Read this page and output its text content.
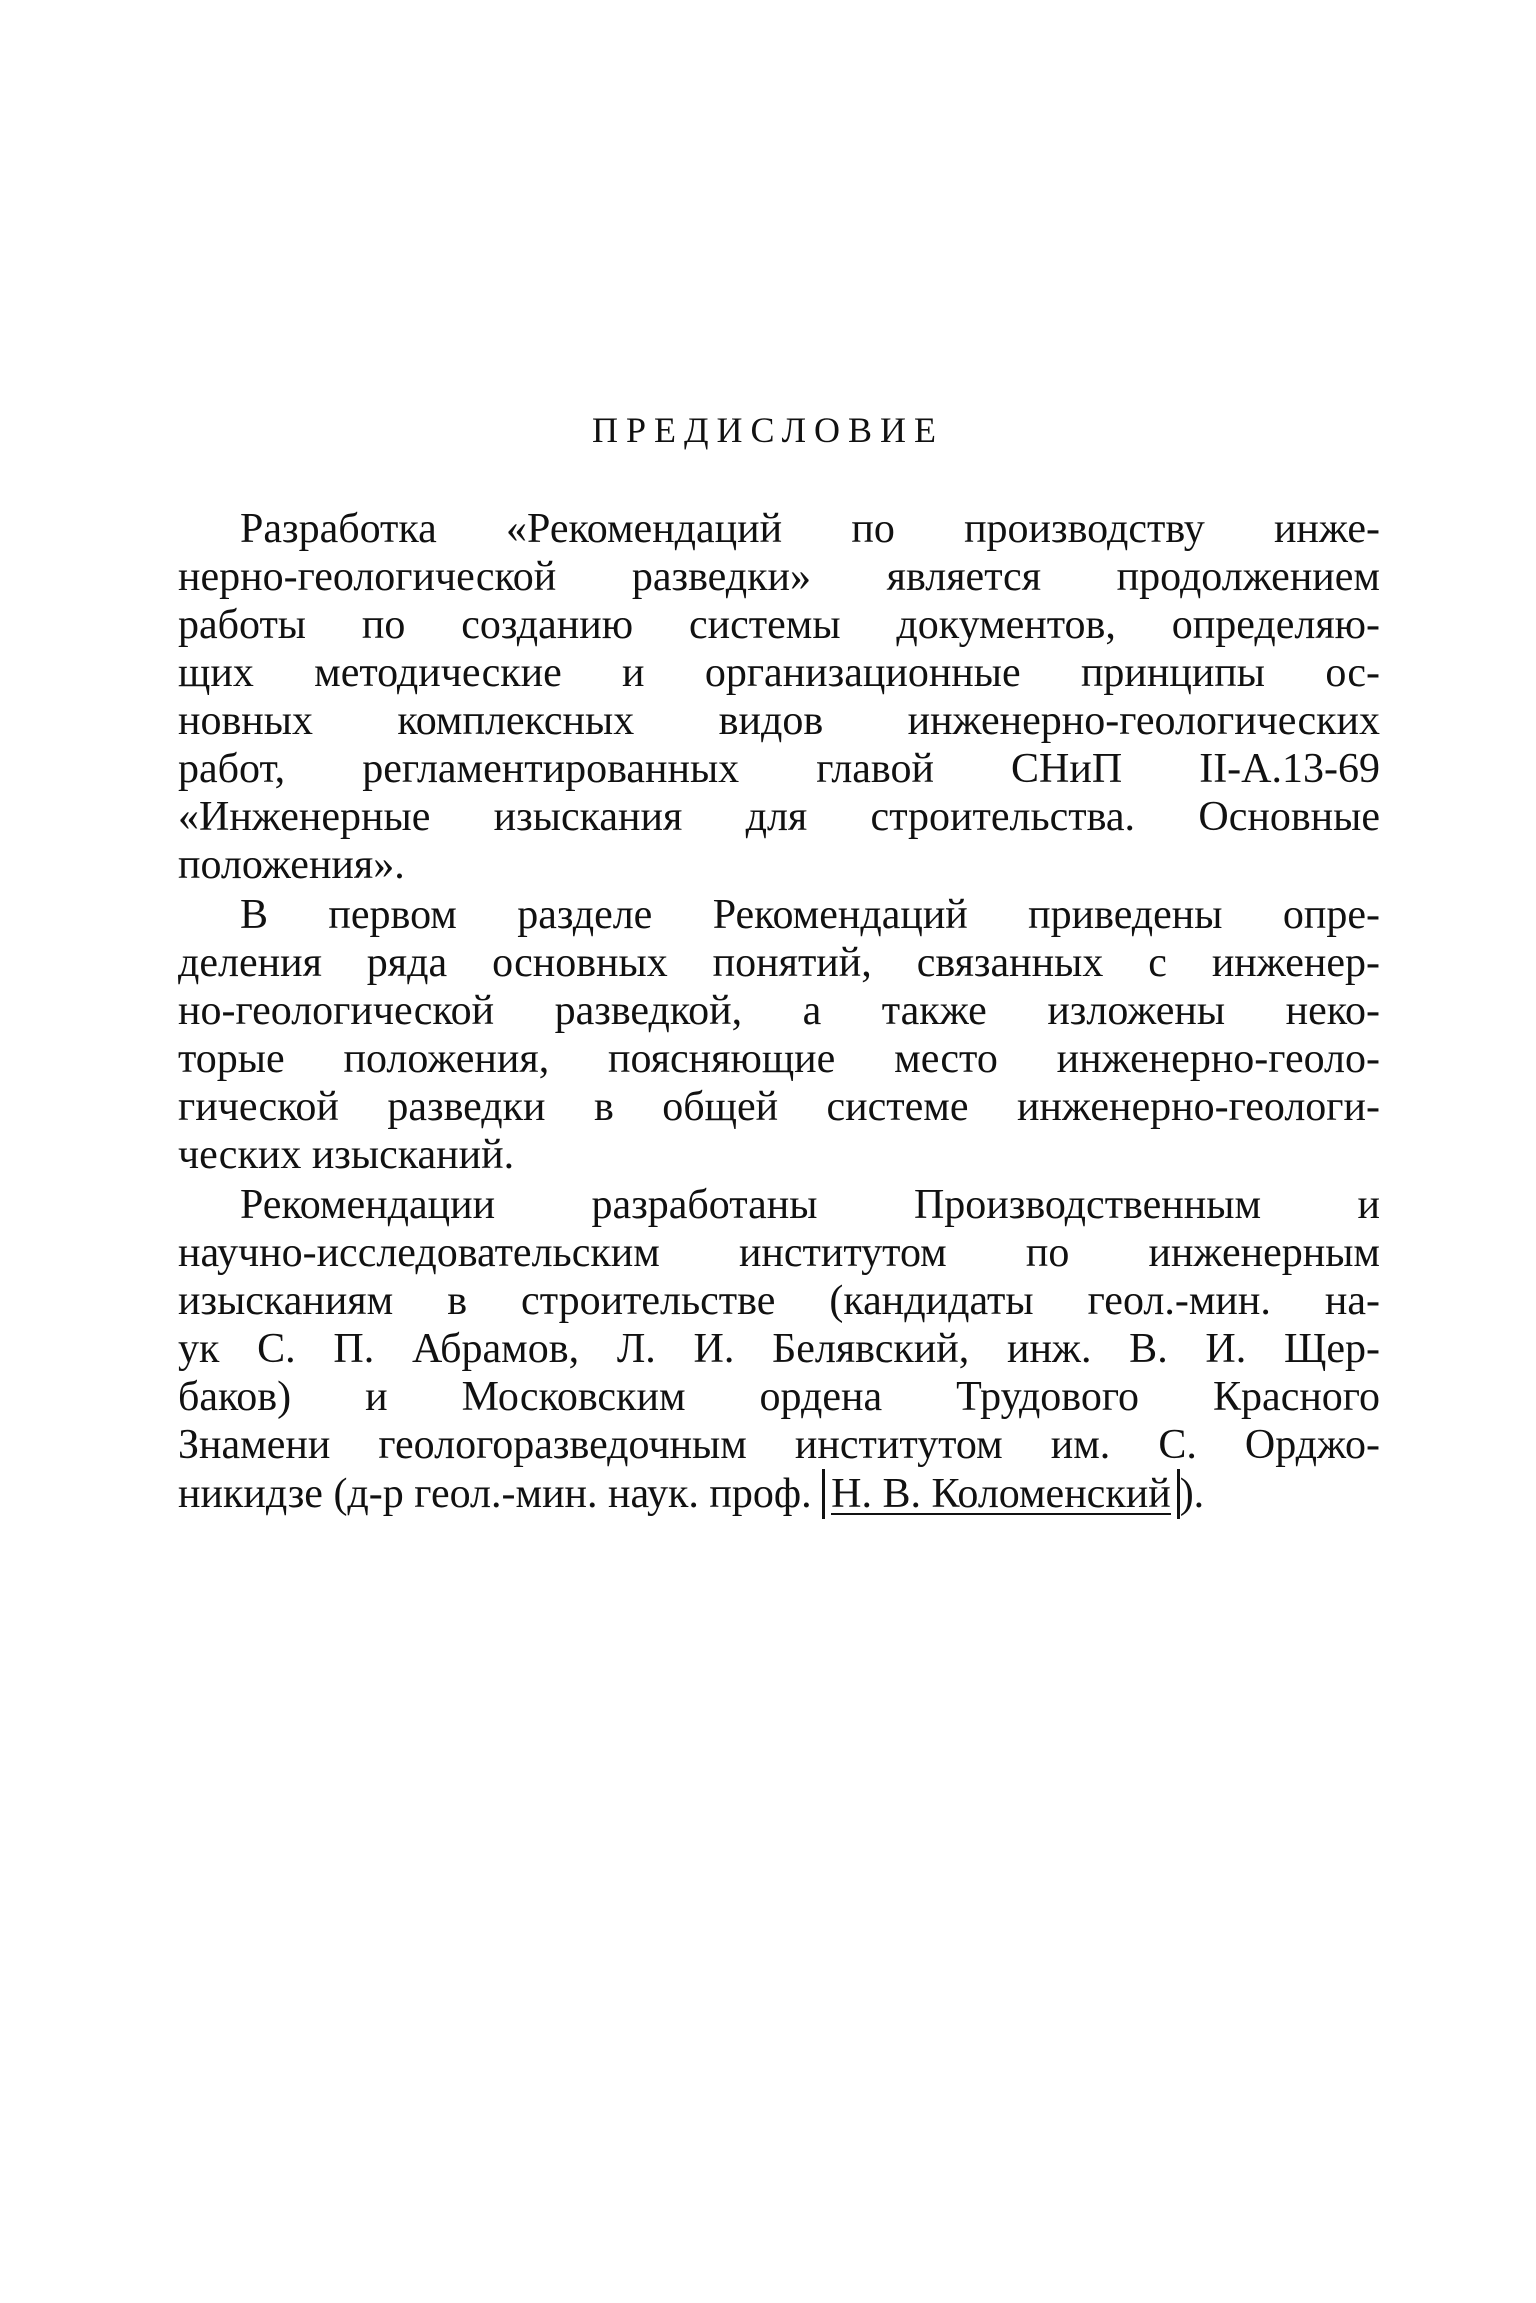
ПРЕДИСЛОВИЕ
Разработка «Рекомендаций по производству инже-
нерно-геологической разведки» является продолжением
работы по созданию системы документов, определяю-
щих методические и организационные принципы ос-
новных комплексных видов инженерно-геологических
работ, регламентированных главой СНиП II-А.13-69
«Инженерные изыскания для строительства. Основные
положения».
В первом разделе Рекомендаций приведены опре-
деления ряда основных понятий, связанных с инженер-
но-геологической разведкой, а также изложены неко-
торые положения, поясняющие место инженерно-геоло-
гической разведки в общей системе инженерно-геологи-
ческих изысканий.
Рекомендации разработаны Производственным и
научно-исследовательским институтом по инженерным
изысканиям в строительстве (кандидаты геол.-мин. на-
ук С. П. Абрамов, Л. И. Белявский, инж. В. И. Щер-
баков) и Московским ордена Трудового Красного
Знамени геологоразведочным институтом им. С. Орджо-
никидзе (д-р геол.-мин. наук. проф. Н. В. Коломенский ).
